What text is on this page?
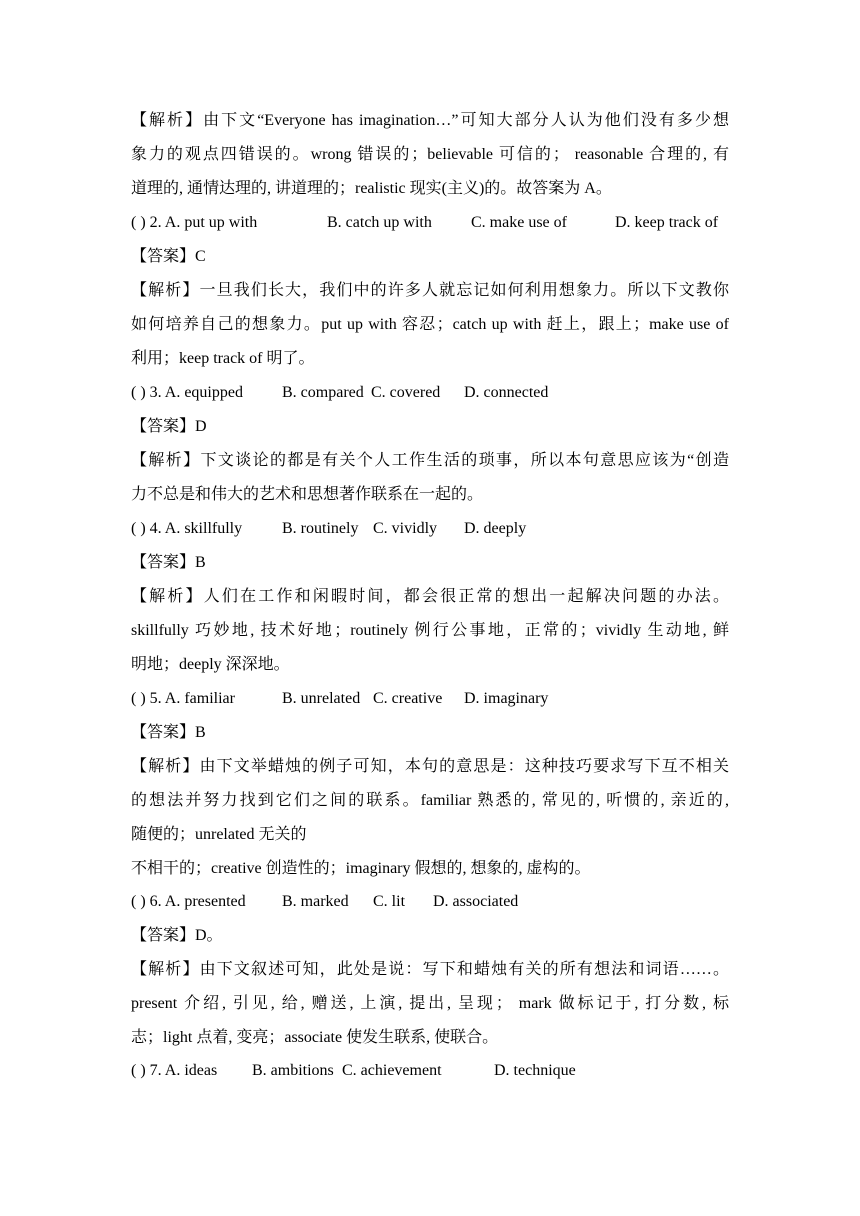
【解析】由下文“Everyone has imagination…”可知大部分人认为他们没有多少想
象力的观点四错误的。wrong 错误的；believable 可信的； reasonable 合理的, 有
道理的, 通情达理的, 讲道理的；realistic 现实(主义)的。故答案为 A。
( ) 2. A. put up with	B. catch up with C. make use of	D. keep track of
【答案】C
【解析】一旦我们长大，我们中的许多人就忘记如何利用想象力。所以下文教你
如何培养自己的想象力。put up with 容忍；catch up with 赶上，跟上；make use of
利用；keep track of 明了。
( ) 3. A. equipped B. compared C. covered D. connected
【答案】D
【解析】下文谈论的都是有关个人工作生活的琐事，所以本句意思应该为“创造
力不总是和伟大的艺术和思想著作联系在一起的。
( ) 4. A. skillfully B. routinely C. vividly D. deeply
【答案】B
【解析】人们在工作和闲暇时间，都会很正常的想出一起解决问题的办法。
skillfully 巧妙地, 技术好地；routinely 例行公事地，正常的；vividly 生动地, 鲜
明地；deeply 深深地。
( ) 5. A. familiar	B. unrelated C. creative D. imaginary
【答案】B
【解析】由下文举蜡烛的例子可知，本句的意思是：这种技巧要求写下互不相关
的想法并努力找到它们之间的联系。familiar 熟悉的, 常见的, 听惯的, 亲近的,
随便的；unrelated 无关的
不相干的；creative 创造性的；imaginary 假想的, 想象的, 虚构的。
( ) 6. A. presented B. marked C. lit D. associated
【答案】D。
【解析】由下文叙述可知，此处是说：写下和蜡烛有关的所有想法和词语……。
present 介绍, 引见, 给, 赠送, 上演, 提出, 呈现； mark 做标记于, 打分数, 标
志；light 点着, 变亮；associate 使发生联系, 使联合。
( ) 7. A. ideas B. ambitions C. achievement	D. technique
